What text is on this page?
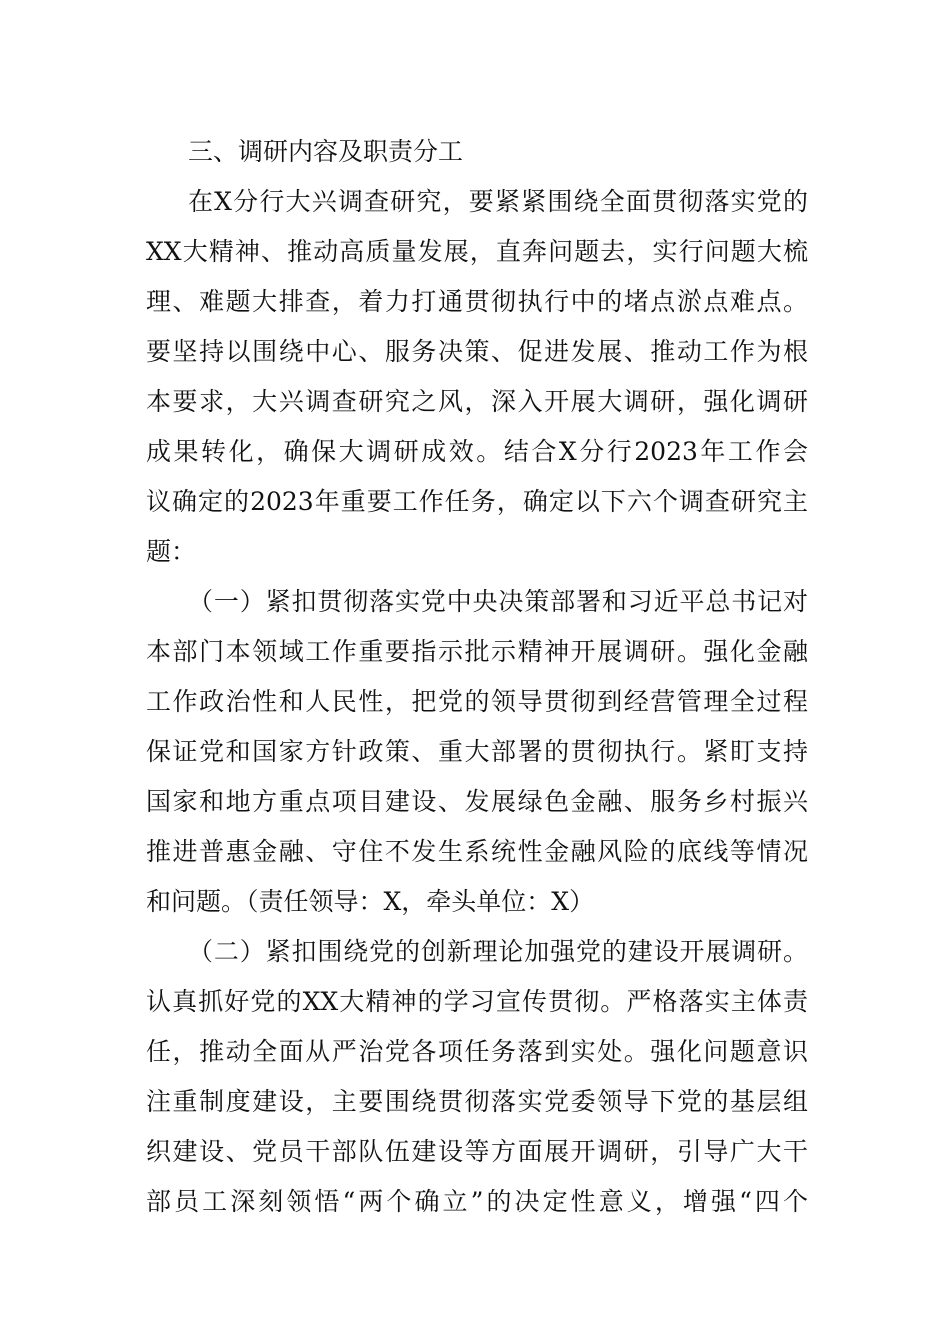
三、调研内容及职责分工
在X分行大兴调查研究，要紧紧围绕全面贯彻落实党的
XX大精神、推动高质量发展，直奔问题去，实行问题大梳
理、难题大排查，着力打通贯彻执行中的堵点淤点难点。
要坚持以围绕中心、服务决策、促进发展、推动工作为根
本要求，大兴调查研究之风，深入开展大调研，强化调研
成果转化，确保大调研成效。结合X分行2023年工作会
议确定的2023年重要工作任务，确定以下六个调查研究主
题：
（一）紧扣贯彻落实党中央决策部署和习近平总书记对
本部门本领域工作重要指示批示精神开展调研。强化金融
工作政治性和人民性，把党的领导贯彻到经营管理全过程
保证党和国家方针政策、重大部署的贯彻执行。紧盯支持
国家和地方重点项目建设、发展绿色金融、服务乡村振兴
推进普惠金融、守住不发生系统性金融风险的底线等情况
和问题。（责任领导：X，牵头单位：X）
（二）紧扣围绕党的创新理论加强党的建设开展调研。
认真抓好党的XX大精神的学习宣传贯彻。严格落实主体责
任，推动全面从严治党各项任务落到实处。强化问题意识
注重制度建设，主要围绕贯彻落实党委领导下党的基层组
织建设、党员干部队伍建设等方面展开调研，引导广大干
部员工深刻领悟“两个确立”的决定性意义，增强“四个
